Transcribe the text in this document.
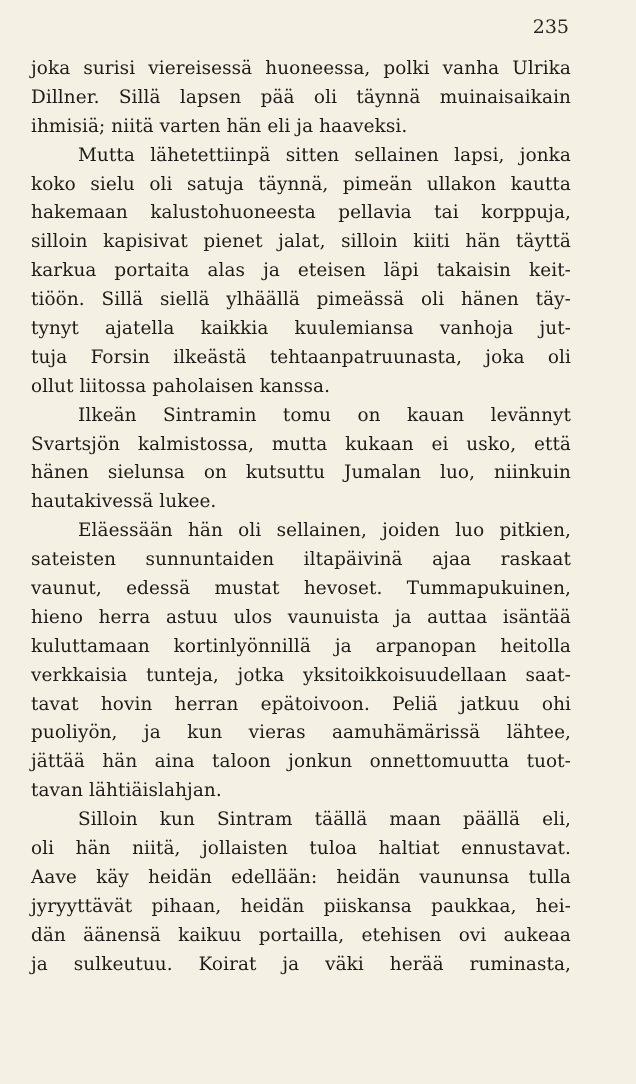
235

joka surisi viereisessä huoneessa, polki vanha Ulrika
Dillner. Sillä lapsen pää oli täynnä muinaisaikain
ihmisiä; niitä varten hän eli ja haaveksi.
Mutta lähetettiinpä sitten sellainen lapsi, jonka
koko sielu oli satuja täynnä, pimeän ullakon kautta
hakemaan kalustohuoneesta pellavia tai korppuja,
silloin kapisivat pienet jalat, silloin kiiti hän täyttä
karkua portaita alas ja eteisen läpi takaisin keit-
tiöön. Sillä siellä ylhäällä pimeässä oli hänen täy-
tynyt ajatella kaikkia kuulemiansa vanhoja jut-
tuja Forsin ilkeästä tehtaanpatruunasta, joka oli
ollut liitossa paholaisen kanssa.
Ilkeän Sintramin tomu on kauan levännyt
Svartsjön kalmistossa, mutta kukaan ei usko, että
hänen sielunsa on kutsuttu Jumalan luo, niinkuin
hautakivessä lukee.
Eläessään hän oli sellainen, joiden luo pitkien,
sateisten sunnuntaiden iltapäivinä ajaa raskaat
vaunut, edessä mustat hevoset. Tummapukuinen,
hieno herra astuu ulos vaunuista ja auttaa isäntää
kuluttamaan kortinlyönnillä ja arpanopan heitolla
verkkaisia tunteja, jotka yksitoikkoisuudellaan saat-
tavat hovin herran epätoivoon. Peliä jatkuu ohi
puoliyön, ja kun vieras aamuhämärissä lähtee,
jättää hän aina taloon jonkun onnettomuutta tuot-
tavan lähtiäislahjan.
Silloin kun Sintram täällä maan päällä eli,
oli hän niitä, jollaisten tuloa haltiat ennustavat.
Aave käy heidän edellään: heidän vaununsa tulla
jyryyttävät pihaan, heidän piiskansa paukkaa, hei-
dän äänensä kaikuu portailla, etehisen ovi aukeaa
ja sulkeutuu. Koirat ja väki herää ruminasta,
